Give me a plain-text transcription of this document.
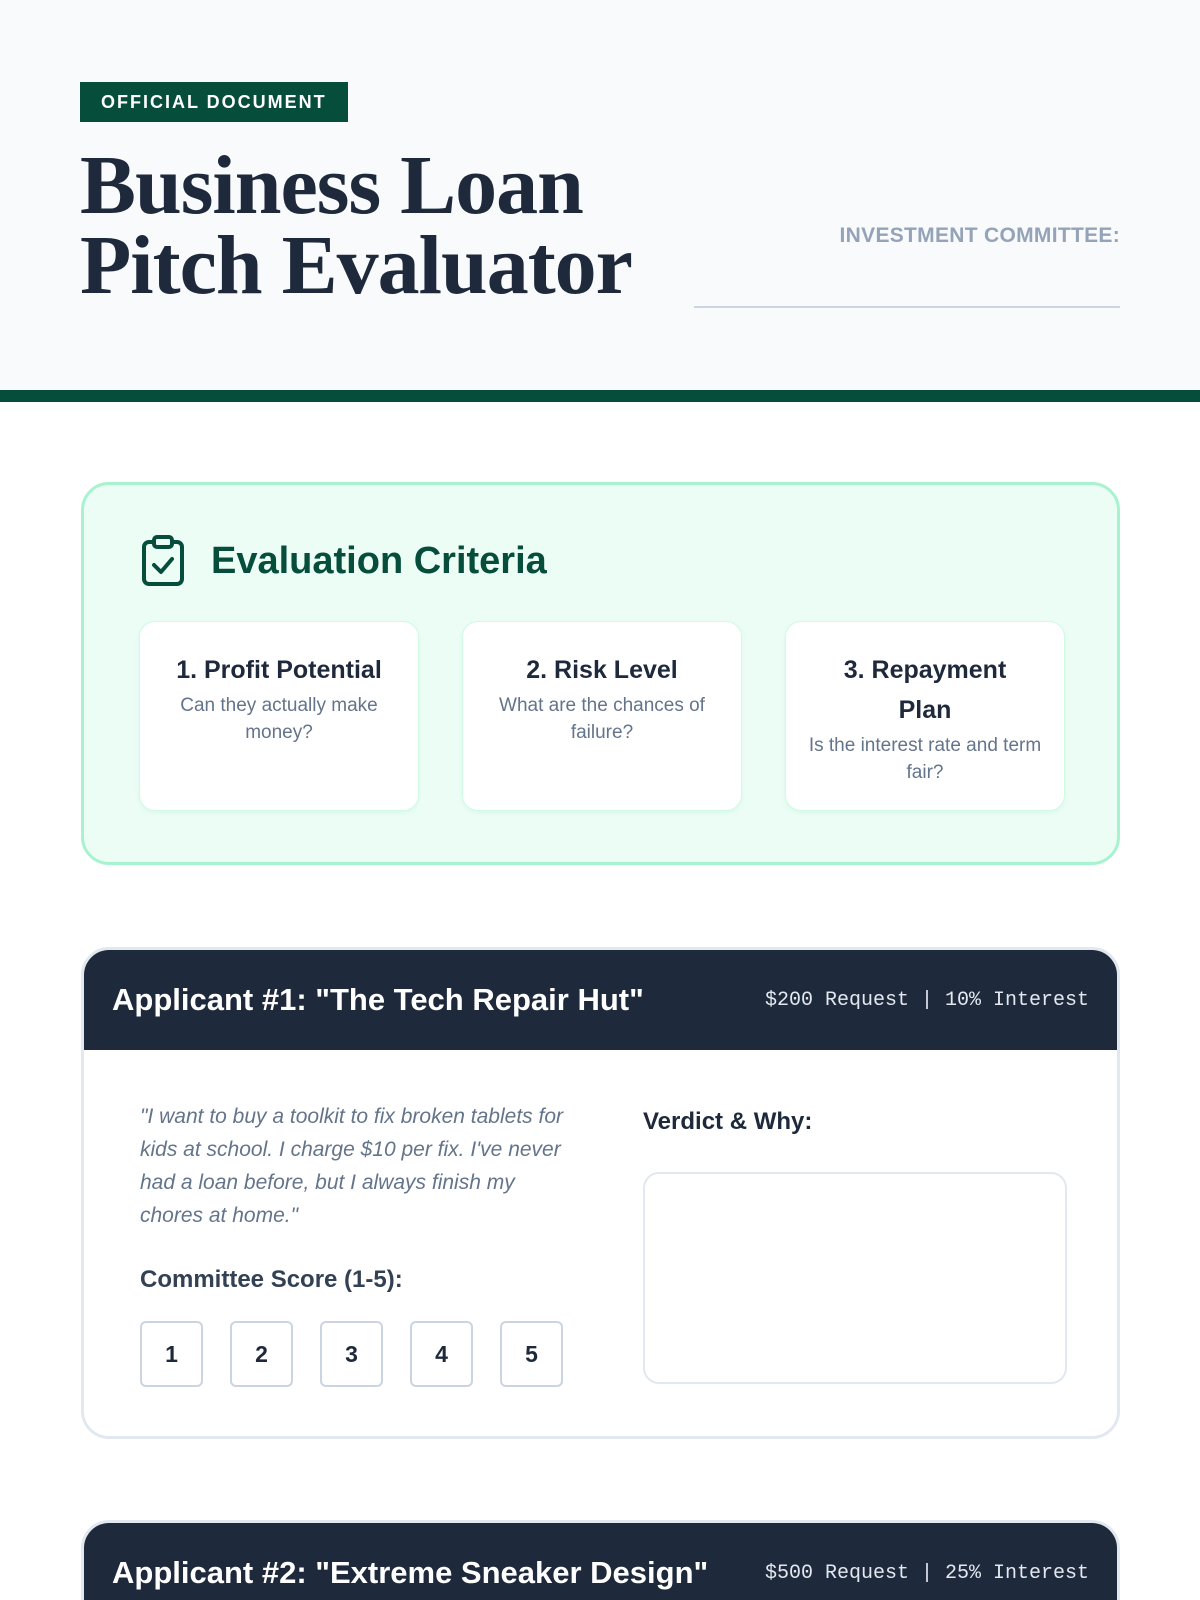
OFFICIAL DOCUMENT
Business Loan
Pitch Evaluator	INVESTMENT COMMITTEE:
Evaluation Criteria
1. Profit Potential
Can they actually make money?
2. Risk Level
What are the chances of failure?
3. Repayment Plan
Is the interest rate and term fair?
Applicant #1: "The Tech Repair Hut"	$200 Request | 10% Interest

"I want to buy a toolkit to fix broken tablets for kids at school. I charge $10 per fix. I've never had a loan before, but I always finish my chores at home."

Committee Score (1-5):
1	2	3	4	5
Verdict & Why:
Applicant #2: "Extreme Sneaker Design"	$500 Request | 25% Interest
